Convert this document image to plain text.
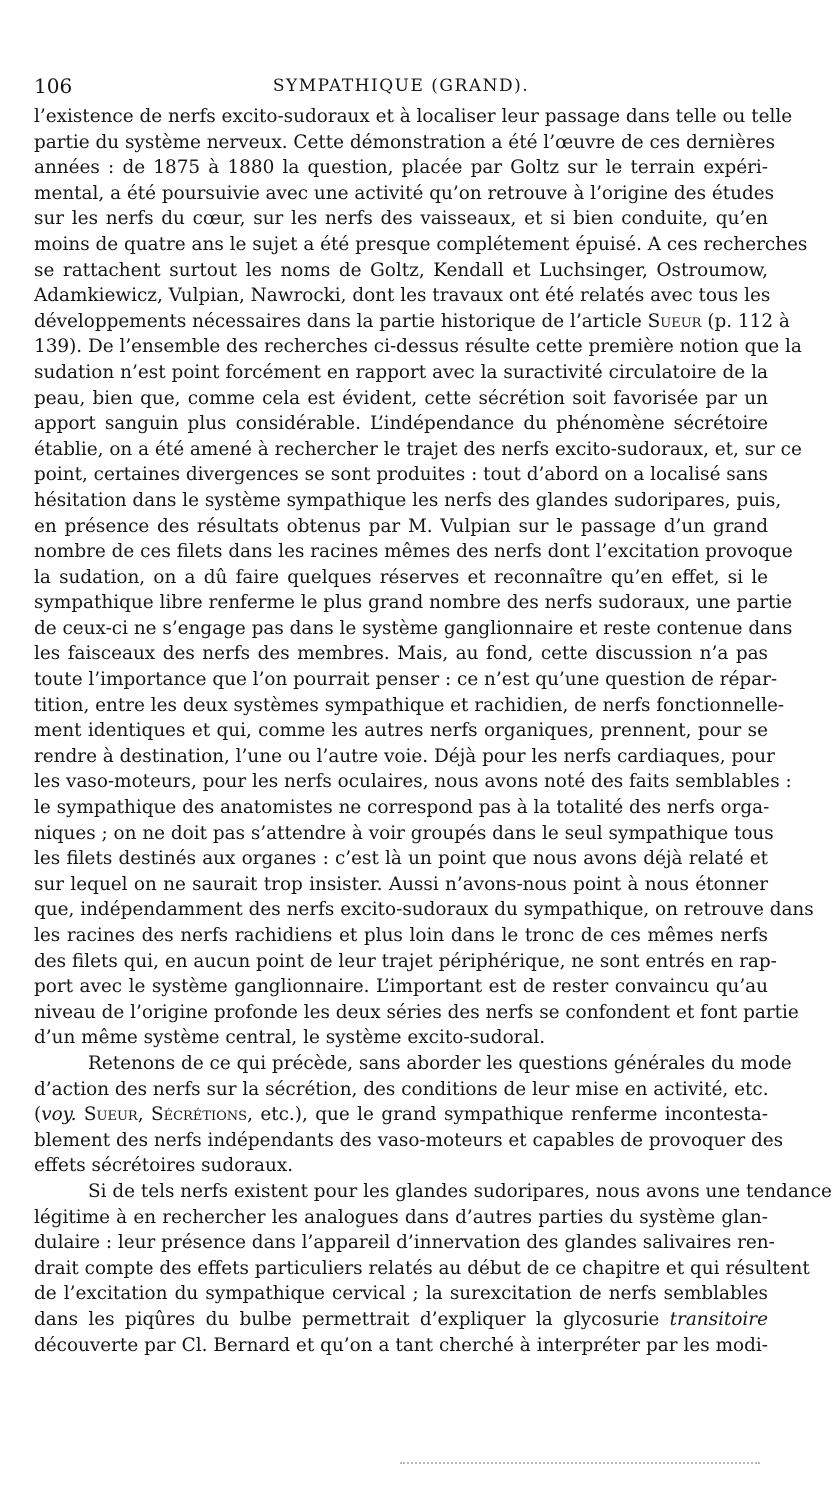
106	SYMPATHIQUE (GRAND).
l’existence de nerfs excito-sudoraux et à localiser leur passage dans telle ou telle
partie du système nerveux. Cette démonstration a été l’œuvre de ces dernières
années : de 1875 à 1880 la question, placée par Goltz sur le terrain expéri-
mental, a été poursuivie avec une activité qu’on retrouve à l’origine des études
sur les nerfs du cœur, sur les nerfs des vaisseaux, et si bien conduite, qu’en
moins de quatre ans le sujet a été presque complétement épuisé. A ces recherches
se rattachent surtout les noms de Goltz, Kendall et Luchsinger, Ostroumow,
Adamkiewicz, Vulpian, Nawrocki, dont les travaux ont été relatés avec tous les
développements nécessaires dans la partie historique de l’article Sueur (p. 112 à
139). De l’ensemble des recherches ci-dessus résulte cette première notion que la
sudation n’est point forcément en rapport avec la suractivité circulatoire de la
peau, bien que, comme cela est évident, cette sécrétion soit favorisée par un
apport sanguin plus considérable. L’indépendance du phénomène sécrétoire
établie, on a été amené à rechercher le trajet des nerfs excito-sudoraux, et, sur ce
point, certaines divergences se sont produites : tout d’abord on a localisé sans
hésitation dans le système sympathique les nerfs des glandes sudoripares, puis,
en présence des résultats obtenus par M. Vulpian sur le passage d’un grand
nombre de ces filets dans les racines mêmes des nerfs dont l’excitation provoque
la sudation, on a dû faire quelques réserves et reconnaître qu’en effet, si le
sympathique libre renferme le plus grand nombre des nerfs sudoraux, une partie
de ceux-ci ne s’engage pas dans le système ganglionnaire et reste contenue dans
les faisceaux des nerfs des membres. Mais, au fond, cette discussion n’a pas
toute l’importance que l’on pourrait penser : ce n’est qu’une question de répar-
tition, entre les deux systèmes sympathique et rachidien, de nerfs fonctionnelle-
ment identiques et qui, comme les autres nerfs organiques, prennent, pour se
rendre à destination, l’une ou l’autre voie. Déjà pour les nerfs cardiaques, pour
les vaso-moteurs, pour les nerfs oculaires, nous avons noté des faits semblables :
le sympathique des anatomistes ne correspond pas à la totalité des nerfs orga-
niques ; on ne doit pas s’attendre à voir groupés dans le seul sympathique tous
les filets destinés aux organes : c’est là un point que nous avons déjà relaté et
sur lequel on ne saurait trop insister. Aussi n’avons-nous point à nous étonner
que, indépendamment des nerfs excito-sudoraux du sympathique, on retrouve dans
les racines des nerfs rachidiens et plus loin dans le tronc de ces mêmes nerfs
des filets qui, en aucun point de leur trajet périphérique, ne sont entrés en rap-
port avec le système ganglionnaire. L’important est de rester convaincu qu’au
niveau de l’origine profonde les deux séries des nerfs se confondent et font partie
d’un même système central, le système excito-sudoral.
Retenons de ce qui précède, sans aborder les questions générales du mode
d’action des nerfs sur la sécrétion, des conditions de leur mise en activité, etc.
(voy. Sueur, Sécrétions, etc.), que le grand sympathique renferme incontesta-
blement des nerfs indépendants des vaso-moteurs et capables de provoquer des
effets sécrétoires sudoraux.
Si de tels nerfs existent pour les glandes sudoripares, nous avons une tendance
légitime à en rechercher les analogues dans d’autres parties du système glan-
dulaire : leur présence dans l’appareil d’innervation des glandes salivaires ren-
drait compte des effets particuliers relatés au début de ce chapitre et qui résultent
de l’excitation du sympathique cervical ; la surexcitation de nerfs semblables
dans les piqûres du bulbe permettrait d’expliquer la glycosurie transitoire
découverte par Cl. Bernard et qu’on a tant cherché à interpréter par les modi-
